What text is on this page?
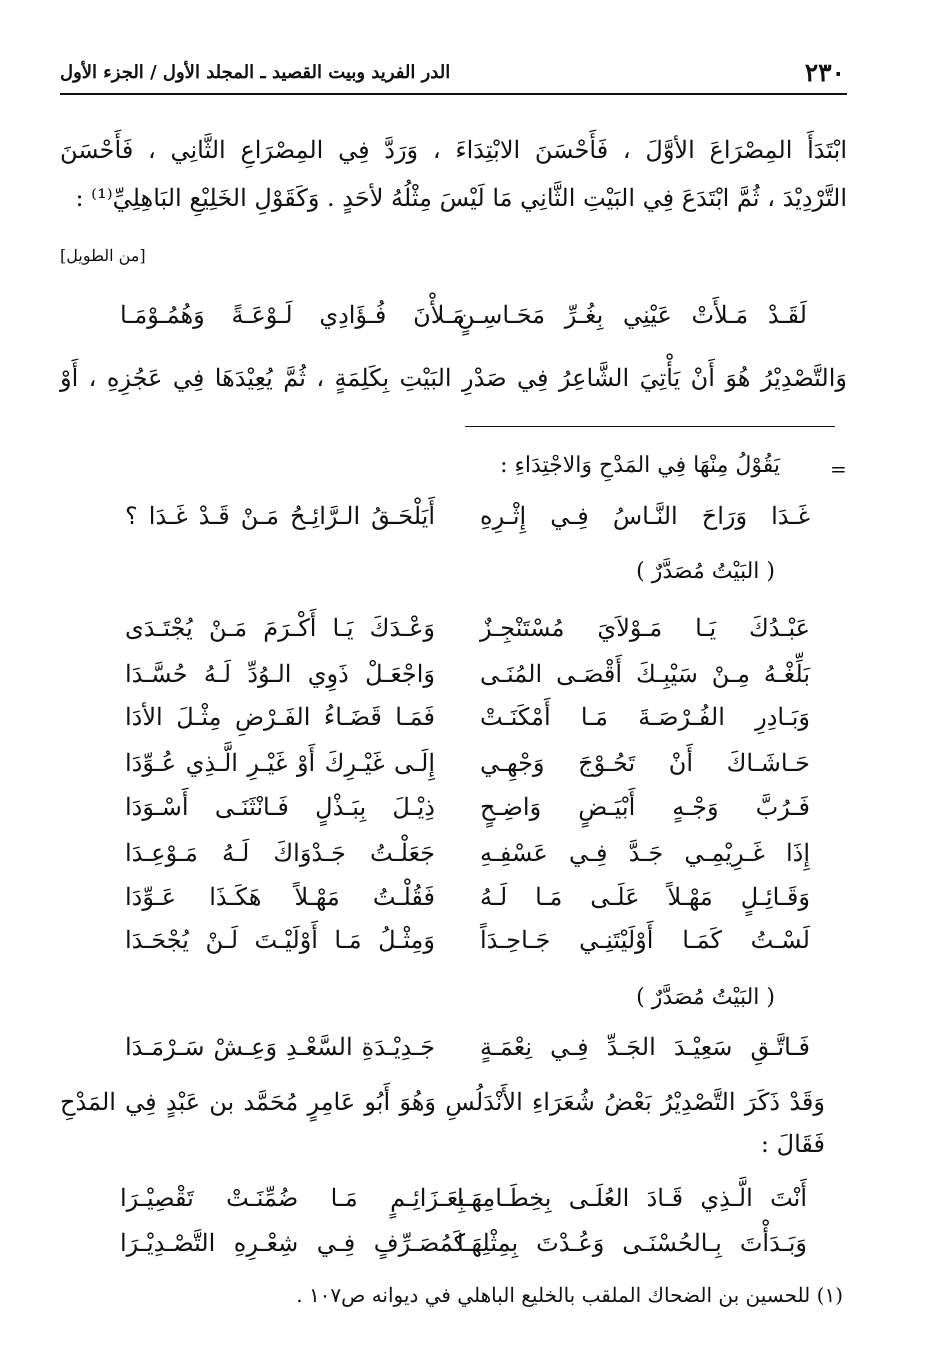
٢٣٠
الدر الفريد وبيت القصيد ـ المجلد الأول / الجزء الأول
ابْتَدَأَ المِصْرَاعَ الأوَّلَ ، فَأَحْسَنَ الابْتِدَاءَ ، وَرَدَّ فِي المِصْرَاعِ الثَّانِي ، فَأَحْسَنَ
التَّرْدِيْدَ ، ثُمَّ ابْتَدَعَ فِي البَيْتِ الثَّانِي مَا لَيْسَ مِثْلُهُ لأحَدٍ . وَكَقَوْلِ الخَلِيْعِ البَاهِلِيِّ⁽¹⁾ :
[من الطويل]
لَقَـدْ مَـلأَتْ عَيْنِي بِغُـرِّ مَحَـاسِـنٍ
مَـلأْنَ فُـؤَادِي لَـوْعَـةً وَهُمُـوْمَـا
وَالتَّصْدِيْرُ هُوَ أَنْ يَأْتِيَ الشَّاعِرُ فِي صَدْرِ البَيْتِ بِكَلِمَةٍ ، ثُمَّ يُعِيْدَهَا فِي عَجُزِهِ ، أَوْ
=
يَقُوْلُ مِنْهَا فِي المَدْحِ وَالاجْتِدَاءِ :
غَـدَا وَرَاحَ النَّـاسُ فِـي إِثْـرِهِ
أَيَلْحَـقُ الـرَّائِـحُ مَـنْ قَـدْ غَـدَا ؟
( البَيْتُ مُصَدَّرٌ )
عَبْـدُكَ يَـا مَـوْلاَيَ مُسْتَنْجِـزٌ
وَعْـدَكَ يَـا أَكْـرَمَ مَـنْ يُجْتَـدَى
بَلِّغْـهُ مِـنْ سَيْبِـكَ أَقْصَـى المُنَـى
وَاجْعَـلْ ذَوِي الـوُدِّ لَـهُ حُسَّـدَا
وَبَـادِرِ الفُـرْصَـةَ مَـا أَمْكَنَـتْ
فَمَـا قَضَـاءُ الفَـرْضِ مِثْـلَ الأدَا
حَـاشَـاكَ أَنْ تَحُـوْجَ وَجْهِـي
إِلَـى غَيْـرِكَ أَوْ غَيْـرِ الَّـذِي عُـوِّدَا
فَـرُبَّ وَجْـهٍ أَبْيَـضٍ وَاضِـحٍ
ذِيْـلَ بِبَـذْلٍ فَـانْثَنَـى أَسْـوَدَا
إِذَا غَـرِيْمِـي جَـدَّ فِـي عَسْفِـهِ
جَعَلْـتُ جَـدْوَاكَ لَـهُ مَـوْعِـدَا
وَقَـائِـلٍ مَهْـلاً عَلَـى مَـا لَـهُ
فَقُلْـتُ مَهْـلاً هَكَـذَا عَـوِّدَا
لَسْـتُ كَمَـا أَوْلَيْتَنِـي جَـاحِـدَاً
وَمِثْـلُ مَـا أَوْلَيْـتَ لَـنْ يُجْحَـدَا
( البَيْتُ مُصَدَّرٌ )
فَـاتَّـقِ سَعِيْـدَ الجَـدِّ فِـي نِعْمَـةٍ
جَـدِيْـدَةِ السَّعْـدِ وَعِـشْ سَـرْمَـدَا
وَقَدْ ذَكَرَ التَّصْدِيْرُ بَعْضُ شُعَرَاءِ الأَنْدَلُسِ وَهُوَ أَبُو عَامِرٍ مُحَمَّد بن عَبْدٍ فِي المَدْحِ
فَقَالَ :
أَنْتَ الَّـذِي قَـادَ العُلَـى بِخِطَـامِهَـا
بِعَـزَائِـمٍ مَـا ضُمِّنَـتْ تَقْصِيْـرَا
وَبَـدَأْتَ بِـالحُسْنَـى وَعُـدْتَ بِمِثْلِهَـا
كَمُصَـرِّفٍ فِـي شِعْـرِهِ التَّصْـدِيْـرَا
(١) للحسين بن الضحاك الملقب بالخليع الباهلي في ديوانه ص١٠٧ .
